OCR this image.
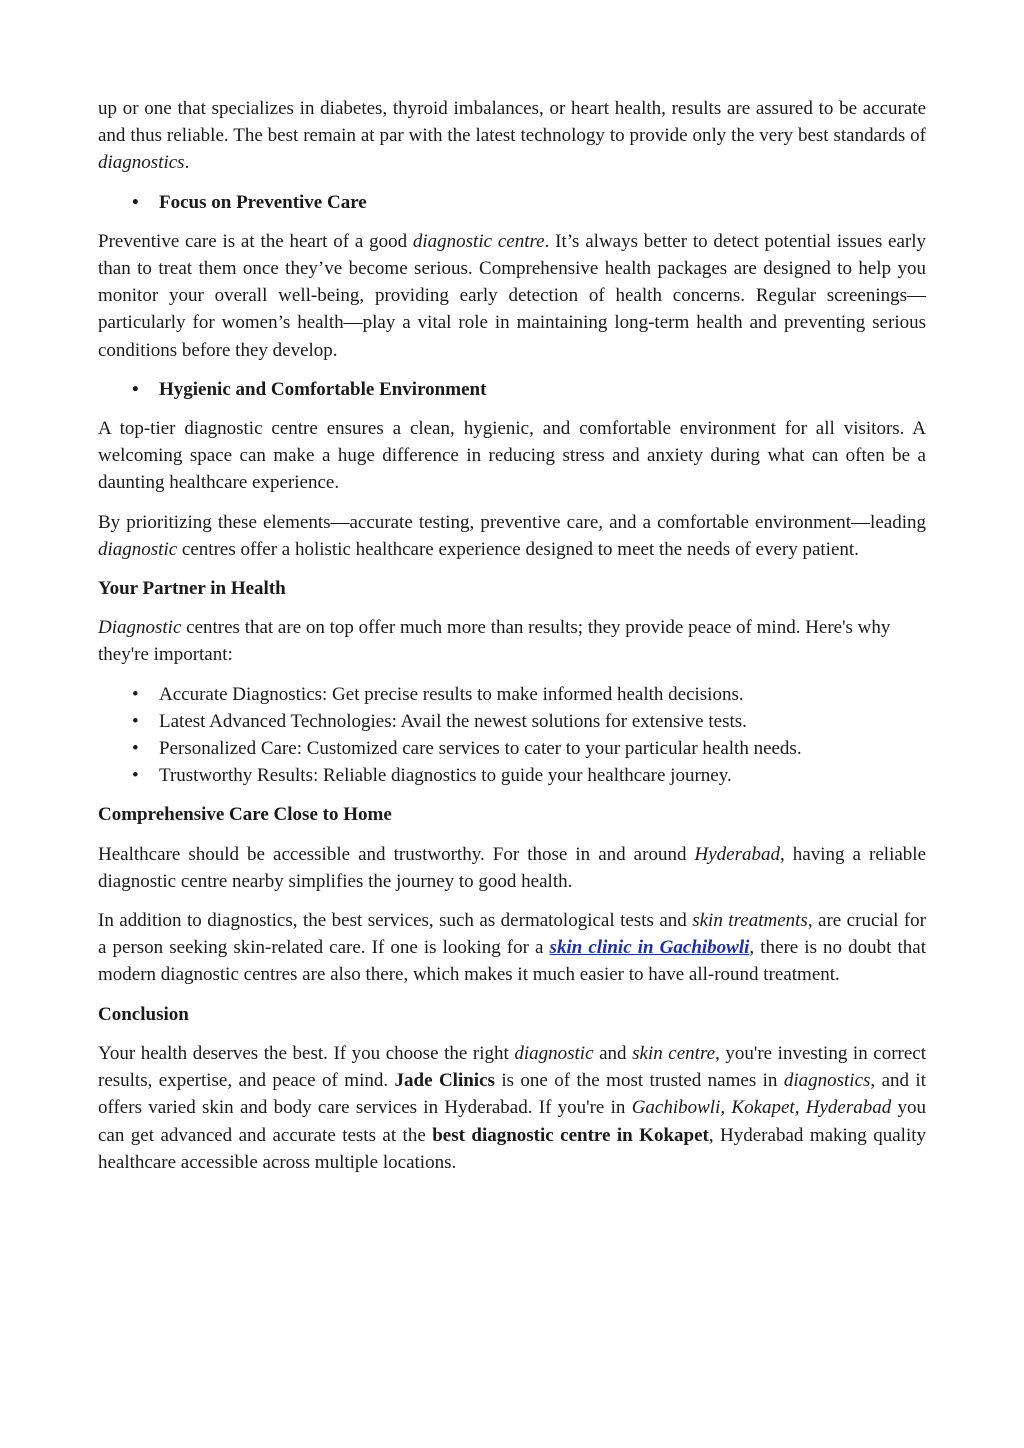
up or one that specializes in diabetes, thyroid imbalances, or heart health, results are assured to be accurate and thus reliable. The best remain at par with the latest technology to provide only the very best standards of diagnostics.

• Focus on Preventive Care

Preventive care is at the heart of a good diagnostic centre. It’s always better to detect potential issues early than to treat them once they’ve become serious. Comprehensive health packages are designed to help you monitor your overall well-being, providing early detection of health concerns. Regular screenings—particularly for women’s health—play a vital role in maintaining long-term health and preventing serious conditions before they develop.

• Hygienic and Comfortable Environment

A top-tier diagnostic centre ensures a clean, hygienic, and comfortable environment for all visitors. A welcoming space can make a huge difference in reducing stress and anxiety during what can often be a daunting healthcare experience.

By prioritizing these elements—accurate testing, preventive care, and a comfortable environment—leading diagnostic centres offer a holistic healthcare experience designed to meet the needs of every patient.

Your Partner in Health

Diagnostic centres that are on top offer much more than results; they provide peace of mind. Here's why they're important:

• Accurate Diagnostics: Get precise results to make informed health decisions.
• Latest Advanced Technologies: Avail the newest solutions for extensive tests.
• Personalized Care: Customized care services to cater to your particular health needs.
• Trustworthy Results: Reliable diagnostics to guide your healthcare journey.
Comprehensive Care Close to Home

Healthcare should be accessible and trustworthy. For those in and around Hyderabad, having a reliable diagnostic centre nearby simplifies the journey to good health.

In addition to diagnostics, the best services, such as dermatological tests and skin treatments, are crucial for a person seeking skin-related care. If one is looking for a skin clinic in Gachibowli, there is no doubt that modern diagnostic centres are also there, which makes it much easier to have all-round treatment.

Conclusion

Your health deserves the best. If you choose the right diagnostic and skin centre, you're investing in correct results, expertise, and peace of mind. Jade Clinics is one of the most trusted names in diagnostics, and it offers varied skin and body care services in Hyderabad. If you're in Gachibowli, Kokapet, Hyderabad you can get advanced and accurate tests at the best diagnostic centre in Kokapet, Hyderabad making quality healthcare accessible across multiple locations.
